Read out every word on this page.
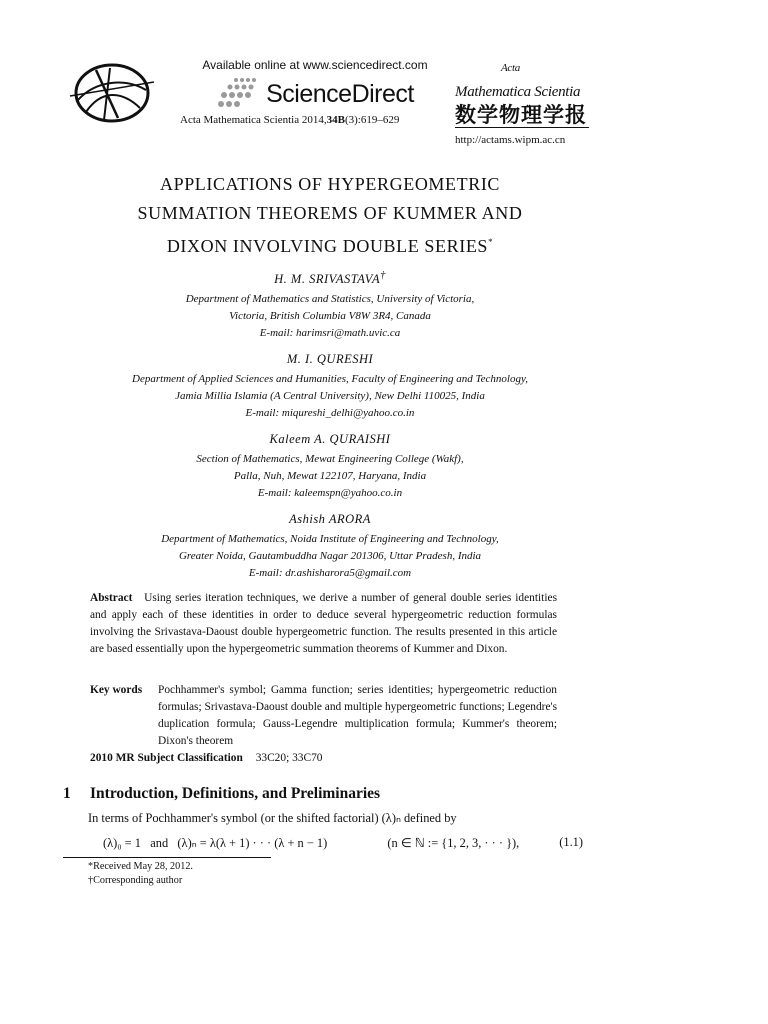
Available online at www.sciencedirect.com
ScienceDirect
Acta Mathematica Scientia 2014,34B(3):619–629
$^{Acta}$
Mathematica Scientia
数学物理学报
http://actams.wipm.ac.cn
APPLICATIONS OF HYPERGEOMETRIC
SUMMATION THEOREMS OF KUMMER AND
DIXON INVOLVING DOUBLE SERIES*
H. M. SRIVASTAVA†
Department of Mathematics and Statistics, University of Victoria,
Victoria, British Columbia V8W 3R4, Canada
E-mail: harimsri@math.uvic.ca
M. I. QURESHI
Department of Applied Sciences and Humanities, Faculty of Engineering and Technology,
Jamia Millia Islamia (A Central University), New Delhi 110025, India
E-mail: miqureshi_delhi@yahoo.co.in
Kaleem A. QURAISHI
Section of Mathematics, Mewat Engineering College (Wakf),
Palla, Nuh, Mewat 122107, Haryana, India
E-mail: kaleemspn@yahoo.co.in
Ashish ARORA
Department of Mathematics, Noida Institute of Engineering and Technology,
Greater Noida, Gautambuddha Nagar 201306, Uttar Pradesh, India
E-mail: dr.ashisharora5@gmail.com
Abstract Using series iteration techniques, we derive a number of general double series identities and apply each of these identities in order to deduce several hypergeometric reduction formulas involving the Srivastava-Daoust double hypergeometric function. The results presented in this article are based essentially upon the hypergeometric summation theorems of Kummer and Dixon.
Key words	Pochhammer's symbol; Gamma function; series identities; hypergeometric reduction formulas; Srivastava-Daoust double and multiple hypergeometric functions; Legendre's duplication formula; Gauss-Legendre multiplication formula; Kummer's theorem; Dixon's theorem
2010 MR Subject Classification 33C20; 33C70
1 Introduction, Definitions, and Preliminaries
In terms of Pochhammer's symbol (or the shifted factorial) (λ)ₙ defined by
(λ)₀ = 1   and   (λ)ₙ = λ(λ + 1) · · · (λ + n − 1)	(n ∈ ℕ := {1, 2, 3, · · · }),	(1.1)
*Received May 28, 2012.
†Corresponding author
